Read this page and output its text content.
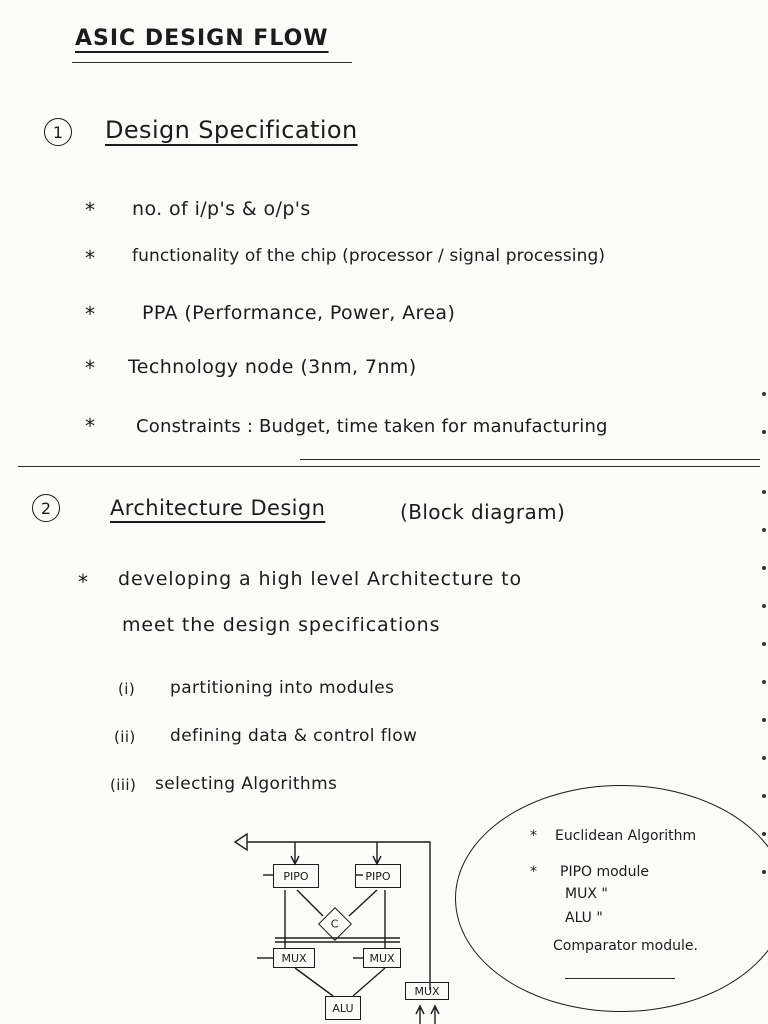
ASIC DESIGN FLOW
1	Design Specification
* no. of i/p's & o/p's
* functionality of the chip (processor / signal processing)
* PPA (Performance, Power, Area)
* Technology node (3nm, 7nm)
* Constraints : Budget, time taken for manufacturing
2	Architecture Design	(Block diagram)
* developing a high level Architecture to
meet the design specifications
(i) partitioning into modules
(ii) defining data & control flow
(iii) selecting Algorithms
PIPO	PIPO
C
MUX	MUX
MUX
ALU
* Euclidean Algorithm
* PIPO module
MUX "
ALU "
Comparator module.
